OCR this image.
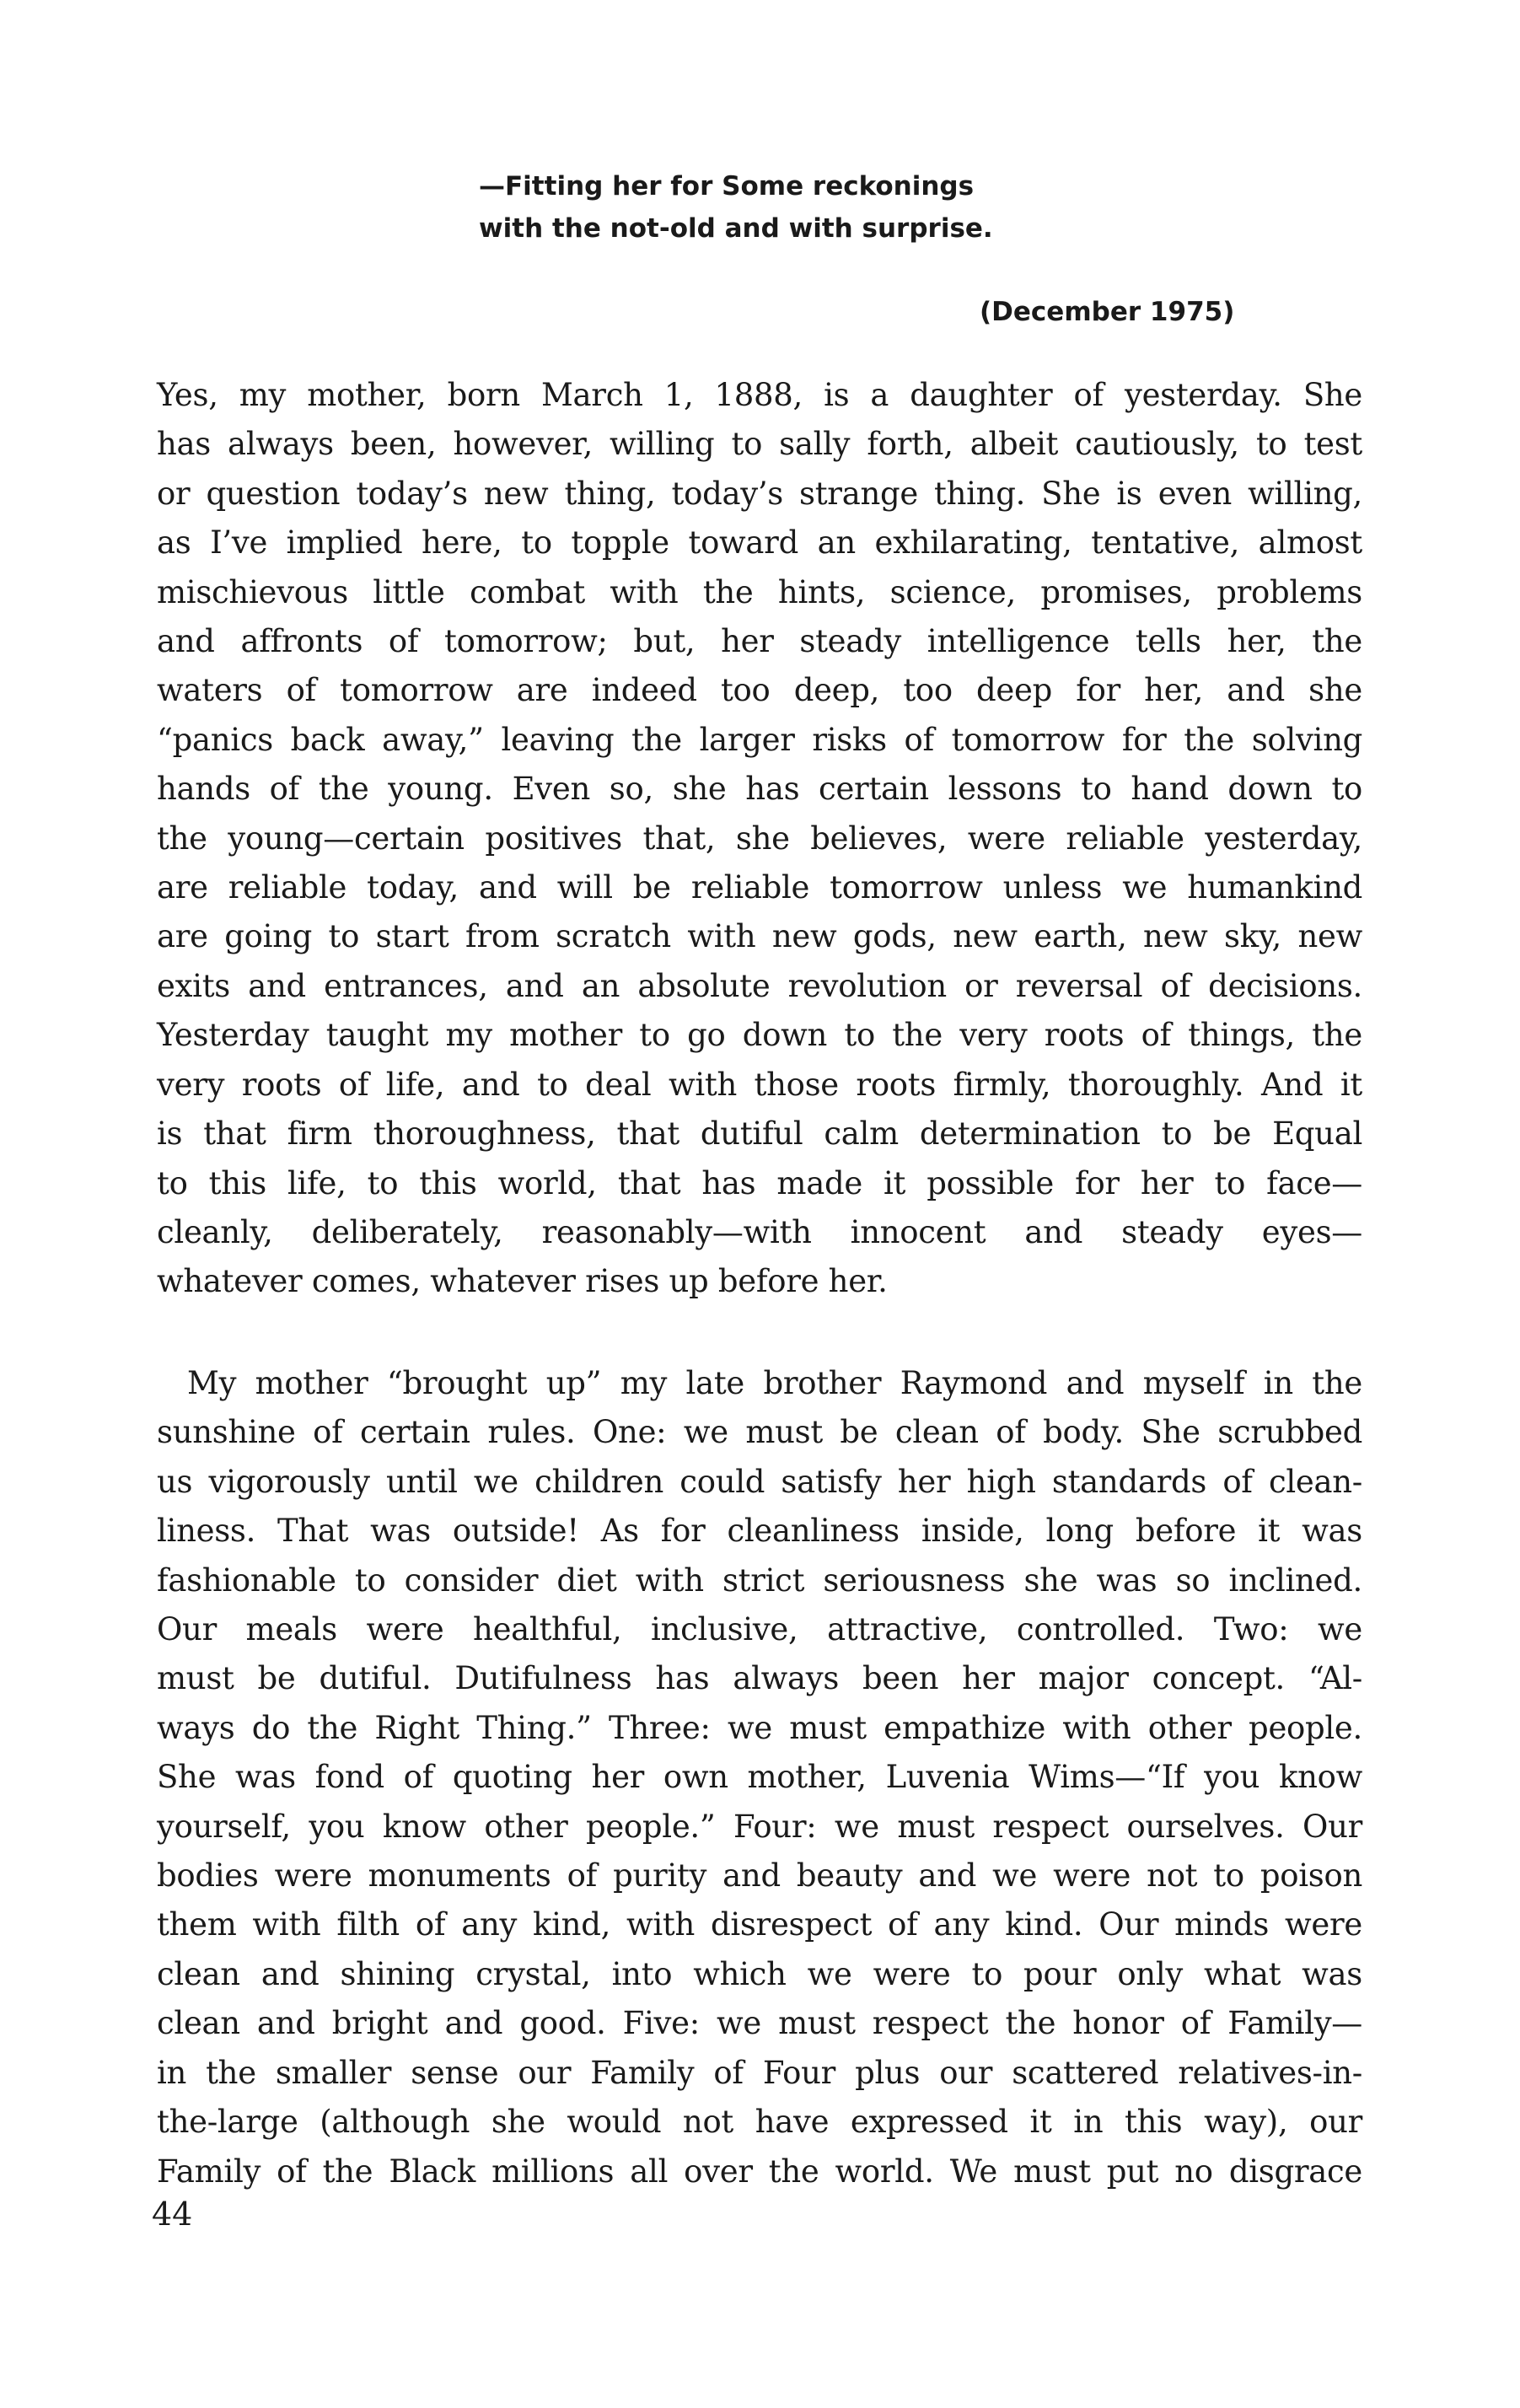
—Fitting her for Some reckonings
with the not-old and with surprise.

(December 1975)

Yes, my mother, born March 1, 1888, is a daughter of yesterday. She
has always been, however, willing to sally forth, albeit cautiously, to test
or question today’s new thing, today’s strange thing. She is even willing,
as I’ve implied here, to topple toward an exhilarating, tentative, almost
mischievous little combat with the hints, science, promises, problems
and affronts of tomorrow; but, her steady intelligence tells her, the
waters of tomorrow are indeed too deep, too deep for her, and she
“panics back away,” leaving the larger risks of tomorrow for the solving
hands of the young. Even so, she has certain lessons to hand down to
the young—certain positives that, she believes, were reliable yesterday,
are reliable today, and will be reliable tomorrow unless we humankind
are going to start from scratch with new gods, new earth, new sky, new
exits and entrances, and an absolute revolution or reversal of decisions.
Yesterday taught my mother to go down to the very roots of things, the
very roots of life, and to deal with those roots firmly, thoroughly. And it
is that firm thoroughness, that dutiful calm determination to be Equal
to this life, to this world, that has made it possible for her to face—
cleanly, deliberately, reasonably—with innocent and steady eyes—
whatever comes, whatever rises up before her.
My mother “brought up” my late brother Raymond and myself in the
sunshine of certain rules. One: we must be clean of body. She scrubbed
us vigorously until we children could satisfy her high standards of clean-
liness. That was outside! As for cleanliness inside, long before it was
fashionable to consider diet with strict seriousness she was so inclined.
Our meals were healthful, inclusive, attractive, controlled. Two: we
must be dutiful. Dutifulness has always been her major concept. “Al-
ways do the Right Thing.” Three: we must empathize with other people.
She was fond of quoting her own mother, Luvenia Wims—“If you know
yourself, you know other people.” Four: we must respect ourselves. Our
bodies were monuments of purity and beauty and we were not to poison
them with filth of any kind, with disrespect of any kind. Our minds were
clean and shining crystal, into which we were to pour only what was
clean and bright and good. Five: we must respect the honor of Family—
in the smaller sense our Family of Four plus our scattered relatives-in-
the-large (although she would not have expressed it in this way), our
Family of the Black millions all over the world. We must put no disgrace

44
